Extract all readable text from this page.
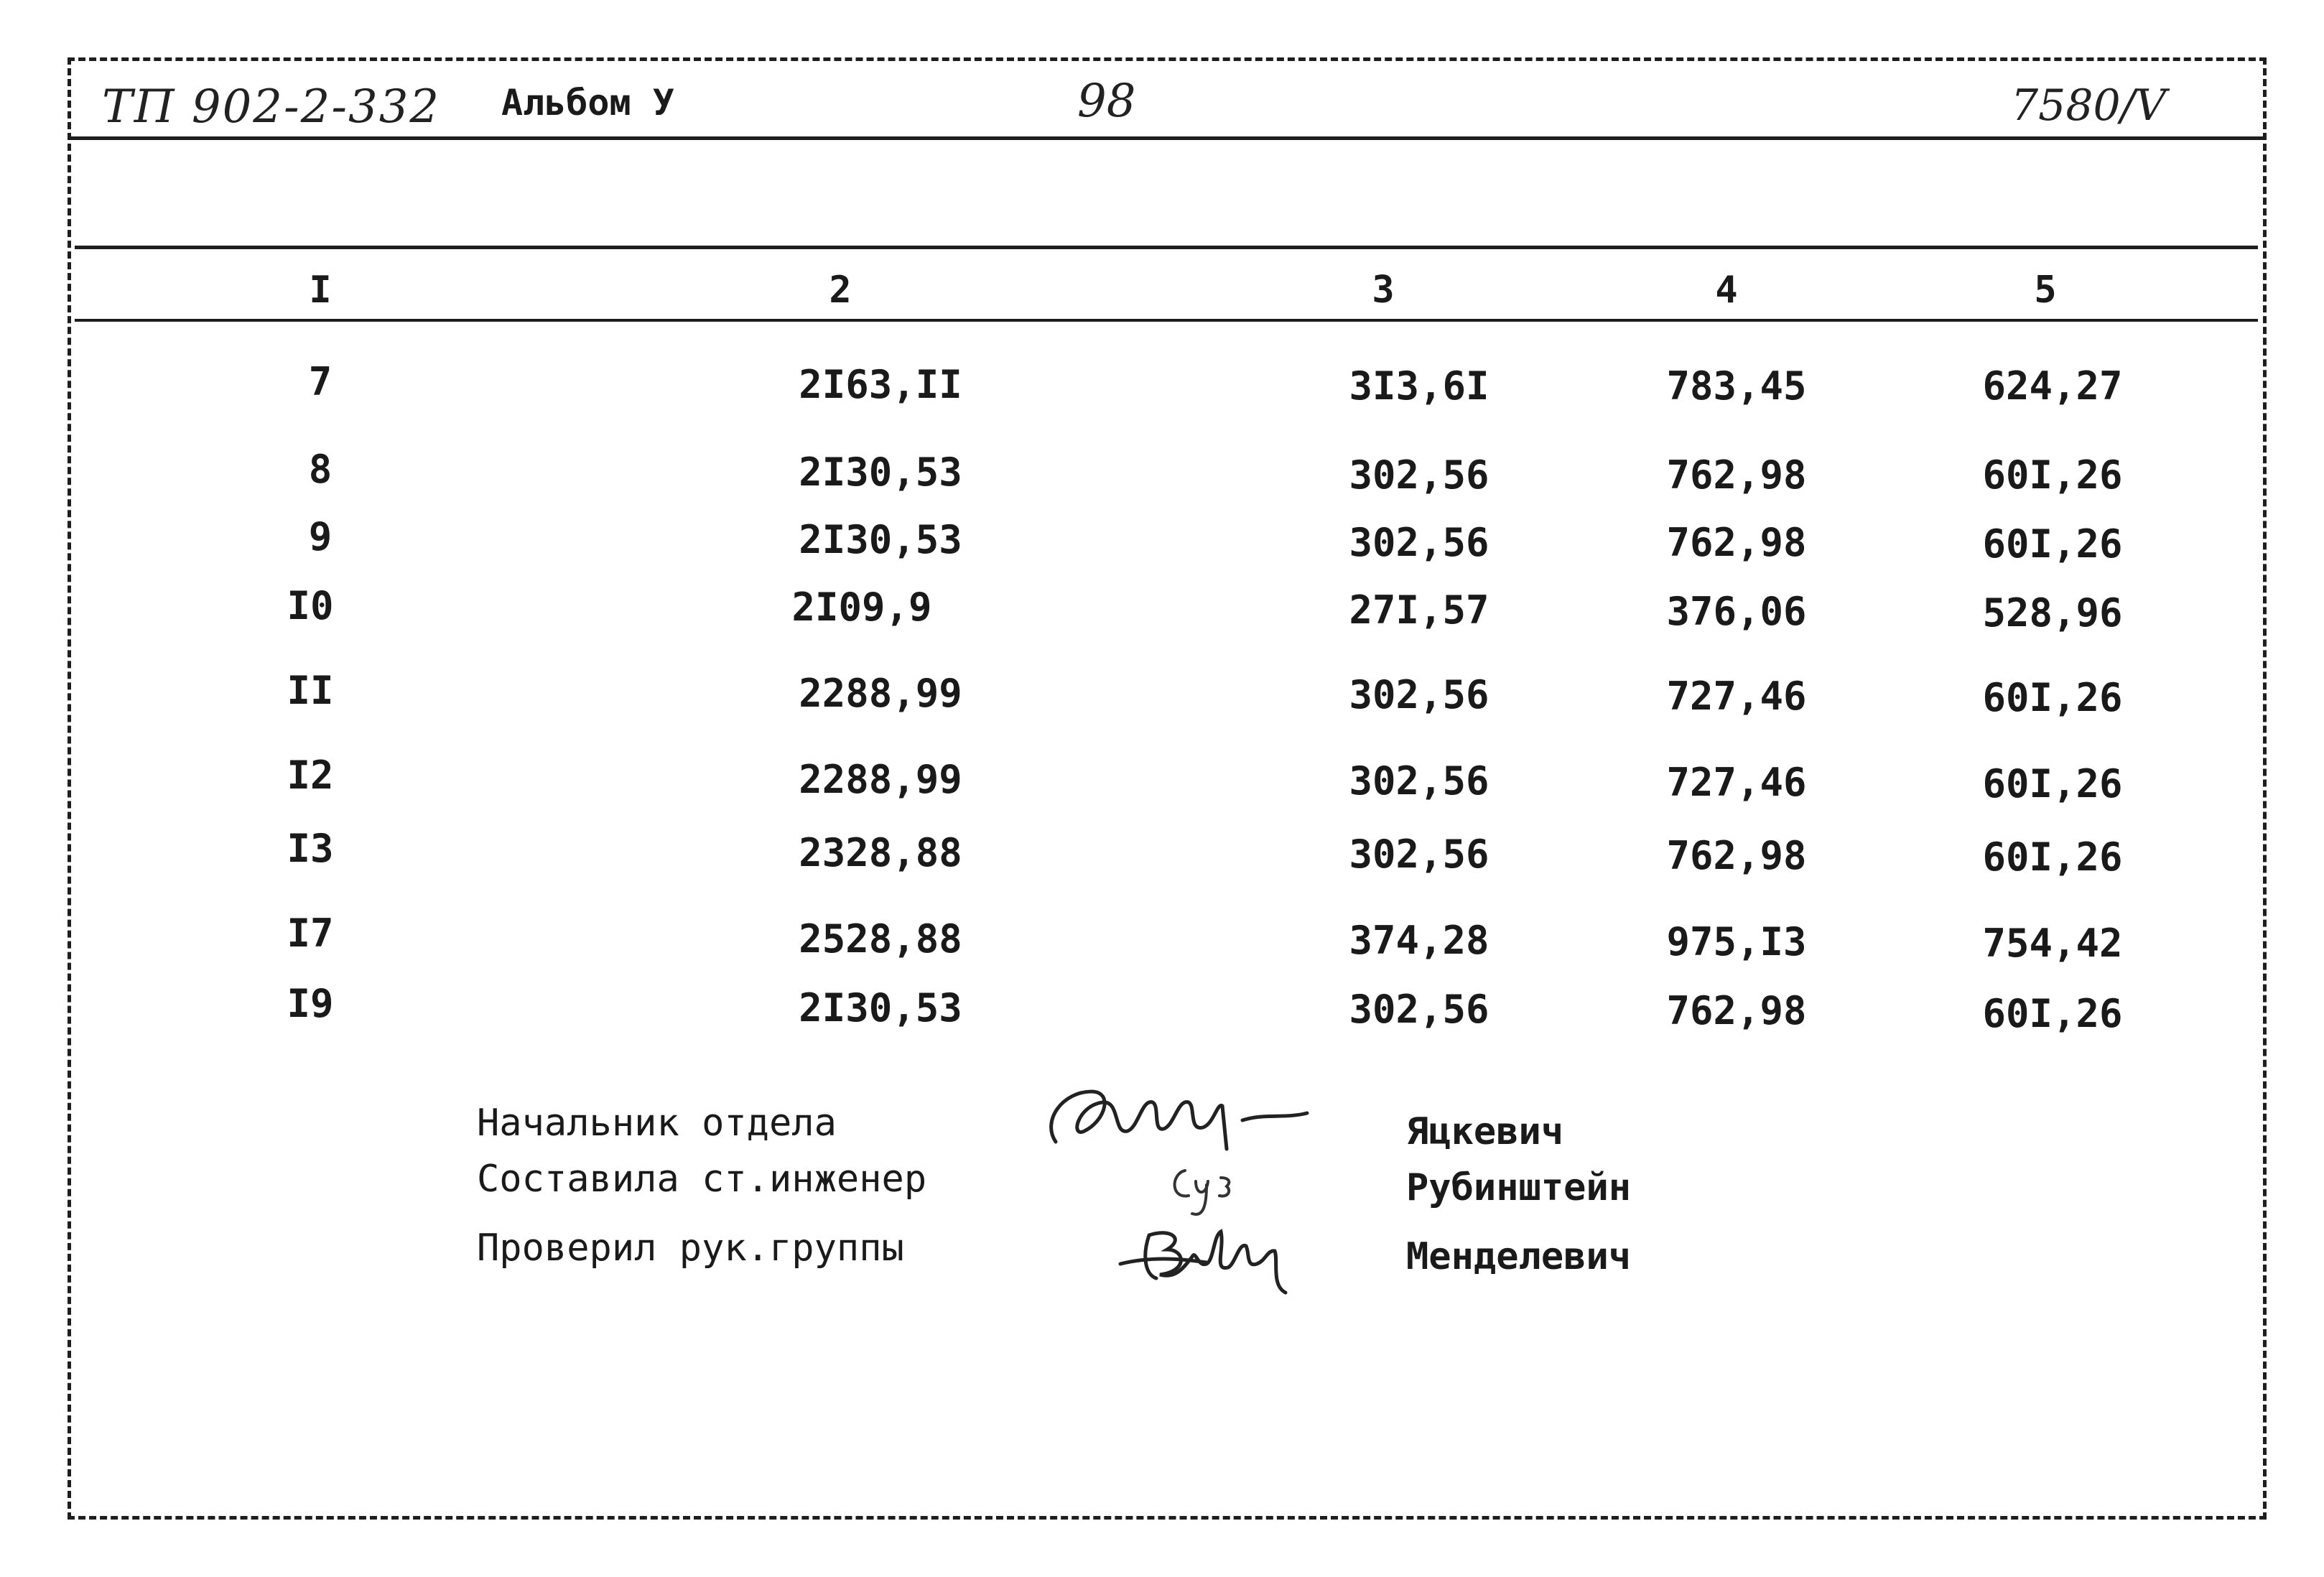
ТП 902-2-332 Альбом У	98	7580/V
I	2	3	4	5
7	2I63,II	3I3,6I	783,45	624,27
8	2I30,53	302,56	762,98	60I,26
9	2I30,53	302,56	762,98	60I,26
I0	2I09,9	27I,57	376,06	528,96
II	2288,99	302,56	727,46	60I,26
I2	2288,99	302,56	727,46	60I,26
I3	2328,88	302,56	762,98	60I,26
I7	2528,88	374,28	975,I3	754,42
I9	2I30,53	302,56	762,98	60I,26
Начальник отдела
Составила ст.инженер
Проверил рук.группы
Яцкевич
Рубинштейн
Менделевич
